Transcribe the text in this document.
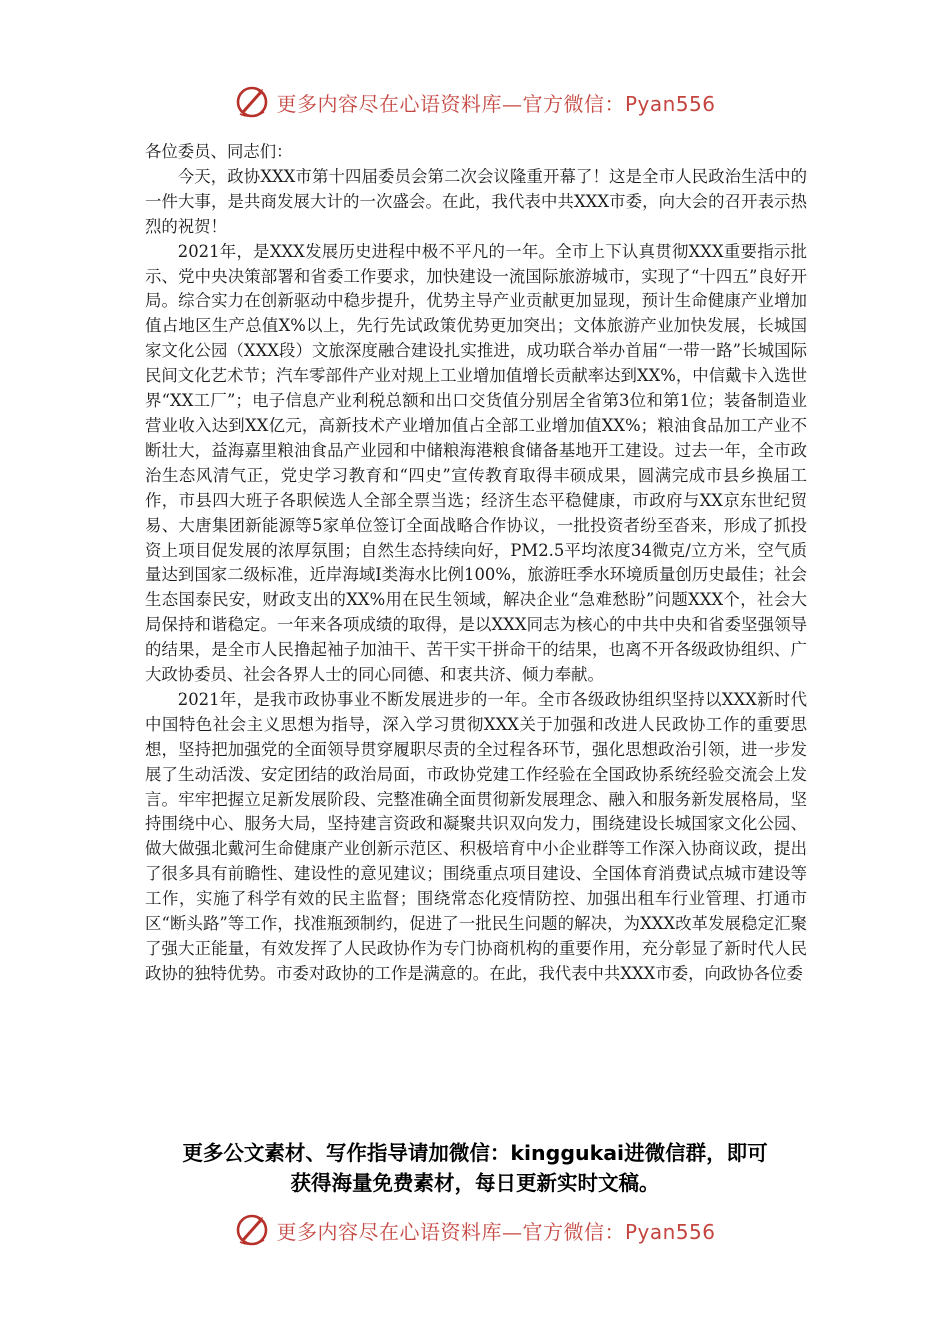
更多内容尽在心语资料库—官方微信：Pyan556

各位委员、同志们：

今天，政协XXX市第十四届委员会第二次会议隆重开幕了！这是全市人民政治生活中的一件大事，是共商发展大计的一次盛会。在此，我代表中共XXX市委，向大会的召开表示热烈的祝贺！

2021年，是XXX发展历史进程中极不平凡的一年。全市上下认真贯彻XXX重要指示批示、党中央决策部署和省委工作要求，加快建设一流国际旅游城市，实现了“十四五”良好开局。综合实力在创新驱动中稳步提升，优势主导产业贡献更加显现，预计生命健康产业增加值占地区生产总值X%以上，先行先试政策优势更加突出；文体旅游产业加快发展，长城国家文化公园（XXX段）文旅深度融合建设扎实推进，成功联合举办首届“一带一路”长城国际民间文化艺术节；汽车零部件产业对规上工业增加值增长贡献率达到XX%，中信戴卡入选世界“XX工厂”；电子信息产业利税总额和出口交货值分别居全省第3位和第1位；装备制造业营业收入达到XX亿元，高新技术产业增加值占全部工业增加值XX%；粮油食品加工产业不断壮大，益海嘉里粮油食品产业园和中储粮海港粮食储备基地开工建设。过去一年，全市政治生态风清气正，党史学习教育和“四史”宣传教育取得丰硕成果，圆满完成市县乡换届工作，市县四大班子各职候选人全部全票当选；经济生态平稳健康，市政府与XX京东世纪贸易、大唐集团新能源等5家单位签订全面战略合作协议，一批投资者纷至沓来，形成了抓投资上项目促发展的浓厚氛围；自然生态持续向好，PM2.5平均浓度34微克/立方米，空气质量达到国家二级标准，近岸海域Ⅰ类海水比例100%，旅游旺季水环境质量创历史最佳；社会生态国泰民安，财政支出的XX%用在民生领域，解决企业“急难愁盼”问题XXX个，社会大局保持和谐稳定。一年来各项成绩的取得，是以XXX同志为核心的中共中央和省委坚强领导的结果，是全市人民撸起袖子加油干、苦干实干拼命干的结果，也离不开各级政协组织、广大政协委员、社会各界人士的同心同德、和衷共济、倾力奉献。

2021年，是我市政协事业不断发展进步的一年。全市各级政协组织坚持以XXX新时代中国特色社会主义思想为指导，深入学习贯彻XXX关于加强和改进人民政协工作的重要思想，坚持把加强党的全面领导贯穿履职尽责的全过程各环节，强化思想政治引领，进一步发展了生动活泼、安定团结的政治局面，市政协党建工作经验在全国政协系统经验交流会上发言。牢牢把握立足新发展阶段、完整准确全面贯彻新发展理念、融入和服务新发展格局，坚持围绕中心、服务大局，坚持建言资政和凝聚共识双向发力，围绕建设长城国家文化公园、做大做强北戴河生命健康产业创新示范区、积极培育中小企业群等工作深入协商议政，提出了很多具有前瞻性、建设性的意见建议；围绕重点项目建设、全国体育消费试点城市建设等工作，实施了科学有效的民主监督；围绕常态化疫情防控、加强出租车行业管理、打通市区“断头路”等工作，找准瓶颈制约，促进了一批民生问题的解决，为XXX改革发展稳定汇聚了强大正能量，有效发挥了人民政协作为专门协商机构的重要作用，充分彰显了新时代人民政协的独特优势。市委对政协的工作是满意的。在此，我代表中共XXX市委，向政协各位委

更多公文素材、写作指导请加微信：kinggukai进微信群，即可
获得海量免费素材，每日更新实时文稿。
更多内容尽在心语资料库—官方微信：Pyan556
